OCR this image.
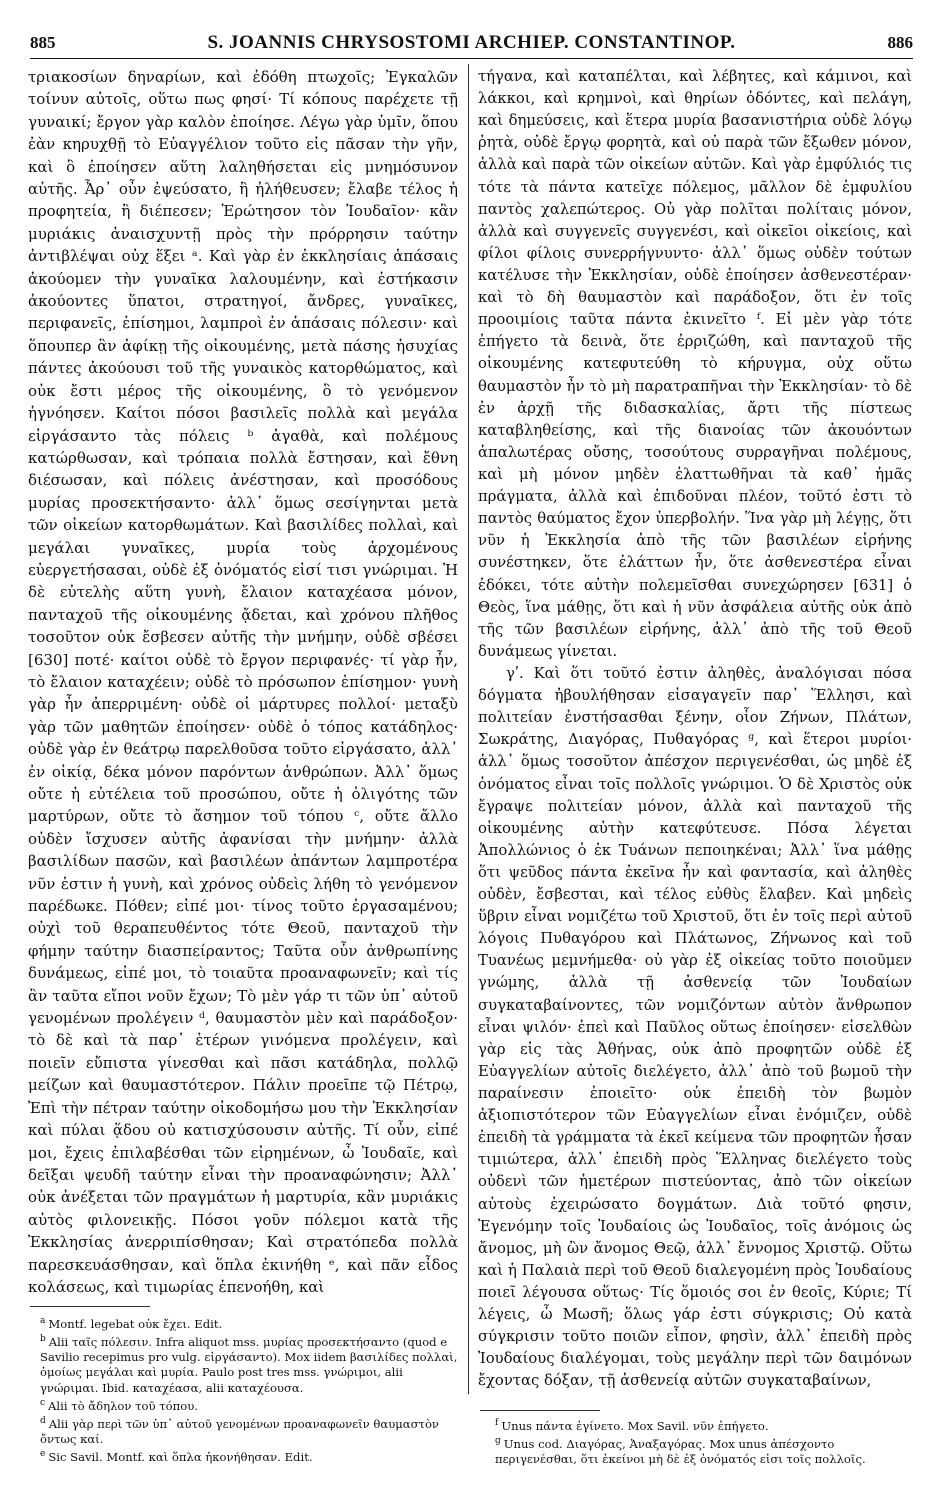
885	S. JOANNIS CHRYSOSTOMI ARCHIEP. CONSTANTINOP.	886

τριακοσίων δηναρίων, καὶ ἐδόθη πτωχοῖς; Ἐγκαλῶν τοίνυν αὐτοῖς, οὕτω πως φησί· Τί κόπους παρέχετε τῇ γυναικί; ἔργον γὰρ καλὸν ἐποίησε. Λέγω γὰρ ὑμῖν, ὅπου ἐὰν κηρυχθῇ τὸ Εὐαγγέλιον τοῦτο εἰς πᾶσαν τὴν γῆν, καὶ ὃ ἐποίησεν αὕτη λαληθήσεται εἰς μνημόσυνον αὐτῆς. Ἆρ᾽ οὖν ἐψεύσατο, ἢ ἠλήθευσεν; ἔλαβε τέλος ἡ προφητεία, ἢ διέπεσεν; Ἐρώτησον τὸν Ἰουδαῖον· κἂν μυριάκις ἀναισχυντῇ πρὸς τὴν πρόρρησιν ταύτην ἀντιβλέψαι οὐχ ἕξει ᵃ. Καὶ γὰρ ἐν ἐκκλησίαις ἁπάσαις ἀκούομεν τὴν γυναῖκα λαλουμένην, καὶ ἑστήκασιν ἀκούοντες ὕπατοι, στρατηγοί, ἄνδρες, γυναῖκες, περιφανεῖς, ἐπίσημοι, λαμπροὶ ἐν ἁπάσαις πόλεσιν· καὶ ὅπουπερ ἂν ἀφίκῃ τῆς οἰκουμένης, μετὰ πάσης ἡσυχίας πάντες ἀκούουσι τοῦ τῆς γυναικὸς κατορθώματος, καὶ οὐκ ἔστι μέρος τῆς οἰκουμένης, ὃ τὸ γενόμενον ἠγνόησεν. Καίτοι πόσοι βασιλεῖς πολλὰ καὶ μεγάλα εἰργάσαντο τὰς πόλεις ᵇ ἀγαθὰ, καὶ πολέμους κατώρθωσαν, καὶ τρόπαια πολλὰ ἔστησαν, καὶ ἔθνη διέσωσαν, καὶ πόλεις ἀνέστησαν, καὶ προσόδους μυρίας προσεκτήσαντο· ἀλλ᾽ ὅμως σεσίγηνται μετὰ τῶν οἰκείων κατορθωμάτων. Καὶ βασιλίδες πολλαὶ, καὶ μεγάλαι γυναῖκες, μυρία τοὺς ἀρχομένους εὐεργετήσασαι, οὐδὲ ἐξ ὀνόματός εἰσί τισι γνώριμαι. Ἡ δὲ εὐτελὴς αὕτη γυνὴ, ἔλαιον καταχέασα μόνον, πανταχοῦ τῆς οἰκουμένης ᾄδεται, καὶ χρόνου πλῆθος τοσοῦτον οὐκ ἔσβεσεν αὐτῆς τὴν μνήμην, οὐδὲ σβέσει [630] ποτέ· καίτοι οὐδὲ τὸ ἔργον περιφανές· τί γὰρ ἦν, τὸ ἔλαιον καταχέειν; οὐδὲ τὸ πρόσωπον ἐπίσημον· γυνὴ γὰρ ἦν ἀπερριμένη· οὐδὲ οἱ μάρτυρες πολλοί· μεταξὺ γὰρ τῶν μαθητῶν ἐποίησεν· οὐδὲ ὁ τόπος κατάδηλος· οὐδὲ γὰρ ἐν θεάτρῳ παρελθοῦσα τοῦτο εἰργάσατο, ἀλλ᾽ ἐν οἰκίᾳ, δέκα μόνον παρόντων ἀνθρώπων. Ἀλλ᾽ ὅμως οὔτε ἡ εὐτέλεια τοῦ προσώπου, οὔτε ἡ ὀλιγότης τῶν μαρτύρων, οὔτε τὸ ἄσημον τοῦ τόπου ᶜ, οὔτε ἄλλο οὐδὲν ἴσχυσεν αὐτῆς ἀφανίσαι τὴν μνήμην· ἀλλὰ βασιλίδων πασῶν, καὶ βασιλέων ἁπάντων λαμπροτέρα νῦν ἐστιν ἡ γυνὴ, καὶ χρόνος οὐδεὶς λήθη τὸ γενόμενον παρέδωκε. Πόθεν; εἰπέ μοι· τίνος τοῦτο ἐργασαμένου; οὐχὶ τοῦ θεραπευθέντος τότε Θεοῦ, πανταχοῦ τὴν φήμην ταύτην διασπείραντος; Ταῦτα οὖν ἀνθρωπίνης δυνάμεως, εἰπέ μοι, τὸ τοιαῦτα προαναφωνεῖν; καὶ τίς ἂν ταῦτα εἴποι νοῦν ἔχων; Τὸ μὲν γάρ τι τῶν ὑπ᾽ αὐτοῦ γενομένων προλέγειν ᵈ, θαυμαστὸν μὲν καὶ παράδοξον· τὸ δὲ καὶ τὰ παρ᾽ ἑτέρων γινόμενα προλέγειν, καὶ ποιεῖν εὔπιστα γίνεσθαι καὶ πᾶσι κατάδηλα, πολλῷ μείζων καὶ θαυμαστότερον. Πάλιν προεῖπε τῷ Πέτρῳ, Ἐπὶ τὴν πέτραν ταύτην οἰκοδομήσω μου τὴν Ἐκκλησίαν καὶ πύλαι ᾅδου οὐ κατισχύσουσιν αὐτῆς. Τί οὖν, εἰπέ μοι, ἔχεις ἐπιλαβέσθαι τῶν εἰρημένων, ὦ Ἰουδαῖε, καὶ δεῖξαι ψευδῆ ταύτην εἶναι τὴν προαναφώνησιν; Ἀλλ᾽ οὐκ ἀνέξεται τῶν πραγμάτων ἡ μαρτυρία, κἂν μυριάκις αὐτὸς φιλονεικῇς. Πόσοι γοῦν πόλεμοι κατὰ τῆς Ἐκκλησίας ἀνερριπίσθησαν; Καὶ στρατόπεδα πολλὰ παρεσκευάσθησαν, καὶ ὅπλα ἐκινήθη ᵉ, καὶ πᾶν εἶδος κολάσεως, καὶ τιμωρίας ἐπενοήθη, καὶ

τήγανα, καὶ καταπέλται, καὶ λέβητες, καὶ κάμινοι, καὶ λάκκοι, καὶ κρημνοὶ, καὶ θηρίων ὀδόντες, καὶ πελάγη, καὶ δημεύσεις, καὶ ἕτερα μυρία βασανιστήρια οὐδὲ λόγῳ ῥητὰ, οὐδὲ ἔργῳ φορητὰ, καὶ οὐ παρὰ τῶν ἔξωθεν μόνον, ἀλλὰ καὶ παρὰ τῶν οἰκείων αὐτῶν. Καὶ γὰρ ἐμφύλιός τις τότε τὰ πάντα κατεῖχε πόλεμος, μᾶλλον δὲ ἐμφυλίου παντὸς χαλεπώτερος. Οὐ γὰρ πολῖται πολίταις μόνον, ἀλλὰ καὶ συγγενεῖς συγγενέσι, καὶ οἰκεῖοι οἰκείοις, καὶ φίλοι φίλοις συνερρήγνυντο· ἀλλ᾽ ὅμως οὐδὲν τούτων κατέλυσε τὴν Ἐκκλησίαν, οὐδὲ ἐποίησεν ἀσθενεστέραν· καὶ τὸ δὴ θαυμαστὸν καὶ παράδοξον, ὅτι ἐν τοῖς προοιμίοις ταῦτα πάντα ἐκινεῖτο ᶠ. Εἰ μὲν γὰρ τότε ἐπήγετο τὰ δεινὰ, ὅτε ἐρριζώθη, καὶ πανταχοῦ τῆς οἰκουμένης κατεφυτεύθη τὸ κήρυγμα, οὐχ οὕτω θαυμαστὸν ἦν τὸ μὴ παρατραπῆναι τὴν Ἐκκλησίαν· τὸ δὲ ἐν ἀρχῇ τῆς διδασκαλίας, ἄρτι τῆς πίστεως καταβληθείσης, καὶ τῆς διανοίας τῶν ἀκουόντων ἁπαλωτέρας οὔσης, τοσούτους συρραγῆναι πολέμους, καὶ μὴ μόνον μηδὲν ἐλαττωθῆναι τὰ καθ᾽ ἡμᾶς πράγματα, ἀλλὰ καὶ ἐπιδοῦναι πλέον, τοῦτό ἐστι τὸ παντὸς θαύματος ἔχον ὑπερβολήν. Ἵνα γὰρ μὴ λέγῃς, ὅτι νῦν ἡ Ἐκκλησία ἀπὸ τῆς τῶν βασιλέων εἰρήνης συνέστηκεν, ὅτε ἐλάττων ἦν, ὅτε ἀσθενεστέρα εἶναι ἐδόκει, τότε αὐτὴν πολεμεῖσθαι συνεχώρησεν [631] ὁ Θεὸς, ἵνα μάθῃς, ὅτι καὶ ἡ νῦν ἀσφάλεια αὐτῆς οὐκ ἀπὸ τῆς τῶν βασιλέων εἰρήνης, ἀλλ᾽ ἀπὸ τῆς τοῦ Θεοῦ δυνάμεως γίνεται.

γʹ. Καὶ ὅτι τοῦτό ἐστιν ἀληθὲς, ἀναλόγισαι πόσα δόγματα ἠβουλήθησαν εἰσαγαγεῖν παρ᾽ Ἕλλησι, καὶ πολιτείαν ἐνστήσασθαι ξένην, οἷον Ζήνων, Πλάτων, Σωκράτης, Διαγόρας, Πυθαγόρας ᵍ, καὶ ἕτεροι μυρίοι· ἀλλ᾽ ὅμως τοσοῦτον ἀπέσχον περιγενέσθαι, ὡς μηδὲ ἐξ ὀνόματος εἶναι τοῖς πολλοῖς γνώριμοι. Ὁ δὲ Χριστὸς οὐκ ἔγραψε πολιτείαν μόνον, ἀλλὰ καὶ πανταχοῦ τῆς οἰκουμένης αὐτὴν κατεφύτευσε. Πόσα λέγεται Ἀπολλώνιος ὁ ἐκ Τυάνων πεποιηκέναι; Ἀλλ᾽ ἵνα μάθῃς ὅτι ψεῦδος πάντα ἐκεῖνα ἦν καὶ φαντασία, καὶ ἀληθὲς οὐδὲν, ἔσβεσται, καὶ τέλος εὐθὺς ἔλαβεν. Καὶ μηδεὶς ὕβριν εἶναι νομιζέτω τοῦ Χριστοῦ, ὅτι ἐν τοῖς περὶ αὐτοῦ λόγοις Πυθαγόρου καὶ Πλάτωνος, Ζήνωνος καὶ τοῦ Τυανέως μεμνήμεθα· οὐ γὰρ ἐξ οἰκείας τοῦτο ποιοῦμεν γνώμης, ἀλλὰ τῇ ἀσθενείᾳ τῶν Ἰουδαίων συγκαταβαίνοντες, τῶν νομιζόντων αὐτὸν ἄνθρωπον εἶναι ψιλόν· ἐπεὶ καὶ Παῦλος οὕτως ἐποίησεν· εἰσελθὼν γὰρ εἰς τὰς Ἀθήνας, οὐκ ἀπὸ προφητῶν οὐδὲ ἐξ Εὐαγγελίων αὐτοῖς διελέγετο, ἀλλ᾽ ἀπὸ τοῦ βωμοῦ τὴν παραίνεσιν ἐποιεῖτο· οὐκ ἐπειδὴ τὸν βωμὸν ἀξιοπιστότερον τῶν Εὐαγγελίων εἶναι ἐνόμιζεν, οὐδὲ ἐπειδὴ τὰ γράμματα τὰ ἐκεῖ κείμενα τῶν προφητῶν ἦσαν τιμιώτερα, ἀλλ᾽ ἐπειδὴ πρὸς Ἕλληνας διελέγετο τοὺς οὐδενὶ τῶν ἡμετέρων πιστεύοντας, ἀπὸ τῶν οἰκείων αὐτοὺς ἐχειρώσατο δογμάτων. Διὰ τοῦτό φησιν, Ἐγενόμην τοῖς Ἰουδαίοις ὡς Ἰουδαῖος, τοῖς ἀνόμοις ὡς ἄνομος, μὴ ὢν ἄνομος Θεῷ, ἀλλ᾽ ἔννομος Χριστῷ. Οὕτω καὶ ἡ Παλαιὰ περὶ τοῦ Θεοῦ διαλεγομένη πρὸς Ἰουδαίους ποιεῖ λέγουσα οὕτως· Τίς ὅμοιός σοι ἐν θεοῖς, Κύριε; Τί λέγεις, ὦ Μωσῆ; ὅλως γάρ ἐστι σύγκρισις; Οὐ κατὰ σύγκρισιν τοῦτο ποιῶν εἶπον, φησὶν, ἀλλ᾽ ἐπειδὴ πρὸς Ἰουδαίους διαλέγομαι, τοὺς μεγάλην περὶ τῶν δαιμόνων ἔχοντας δόξαν, τῇ ἀσθενείᾳ αὐτῶν συγκαταβαίνων,

$^a$ Montf. legebat οὐκ ἔχει. Edit.

$^b$ Alii ταῖς πόλεσιν. Infra aliquot mss. μυρίας προσεκτήσαντο (quod e Savilio recepimus pro vulg. εἰργάσαντο). Mox iidem βασιλίδες πολλαὶ, ὁμοίως μεγάλαι καὶ μυρία. Paulo post tres mss. γνώριμοι, alii γνώριμαι. Ibid. καταχέασα, alii καταχέουσα.

$^c$ Alii τὸ ἄδηλον τοῦ τόπου.

$^d$ Alii γὰρ περὶ τῶν ὑπ᾽ αὐτοῦ γενομένων προαναφωνεῖν θαυμαστὸν ὄντως καί.

$^e$ Sic Savil. Montf. καὶ ὅπλα ἠκονήθησαν. Edit.

$^f$ Unus πάντα ἐγίνετο. Mox Savil. νῦν ἐπήγετο.

$^g$ Unus cod. Διαγόρας, Ἀναξαγόρας. Mox unus ἀπέσχοντο περιγενέσθαι, ὅτι ἐκείνοι μὴ δὲ ἐξ ὀνόματός εἰσι τοῖς πολλοῖς.
